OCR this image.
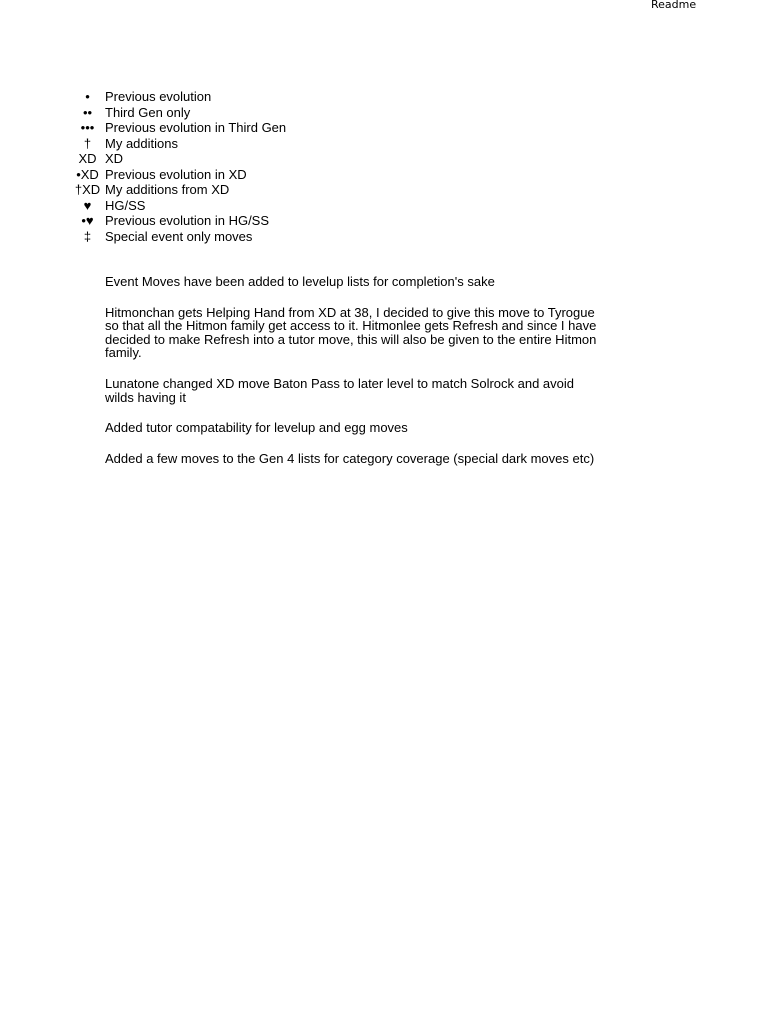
Readme
•	Previous evolution
•• Third Gen only
••• Previous evolution in Third Gen
†	My additions
XD XD
•XD Previous evolution in XD
†XD My additions from XD
♥	HG/SS
•♥ Previous evolution in HG/SS
‡	Special event only moves

Event Moves have been added to levelup lists for completion's sake

Hitmonchan gets Helping Hand from XD at 38, I decided to give this move to Tyrogue so that all the Hitmon family get access to it. Hitmonlee gets Refresh and since I have decided to make Refresh into a tutor move, this will also be given to the entire Hitmon family.

Lunatone changed XD move Baton Pass to later level to match Solrock and avoid wilds having it

Added tutor compatability for levelup and egg moves

Added a few moves to the Gen 4 lists for category coverage (special dark moves etc)
